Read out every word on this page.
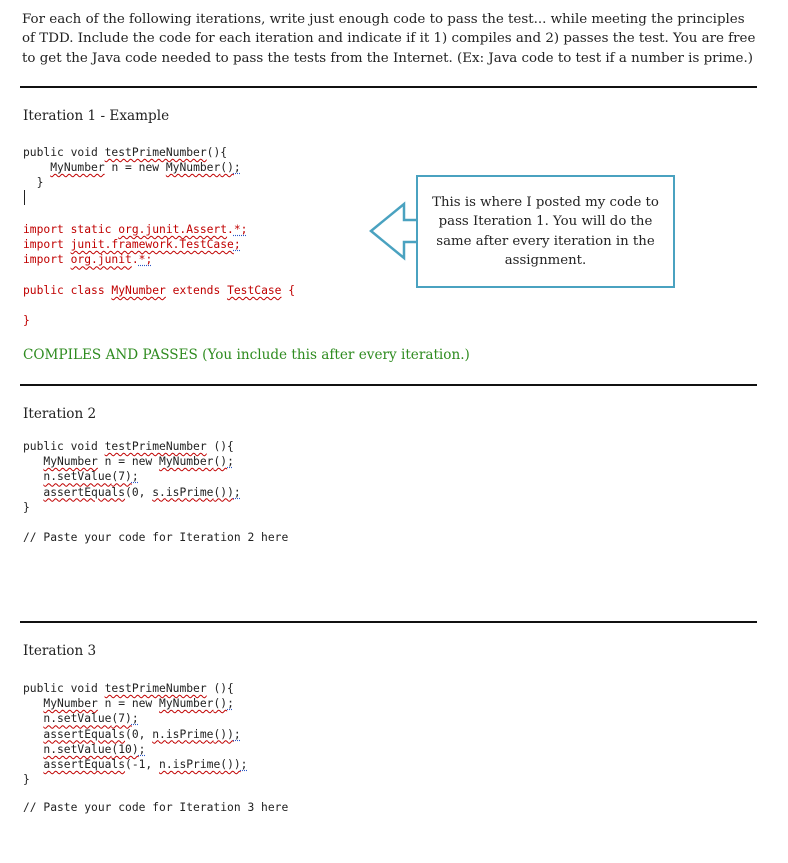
For each of the following iterations, write just enough code to pass the test... while meeting the principles of TDD. Include the code for each iteration and indicate if it 1) compiles and 2) passes the test. You are free to get the Java code needed to pass the tests from the Internet. (Ex: Java code to test if a number is prime.)

Iteration 1 - Example
public void testPrimeNumber(){
MyNumber n = new MyNumber();
}
import static org.junit.Assert.*;
import junit.framework.TestCase;
import org.junit.*;
public class MyNumber extends TestCase {

}

COMPILES AND PASSES (You include this after every iteration.)

This is where I posted my code to pass Iteration 1. You will do the same after every iteration in the assignment.
Iteration 2
public void testPrimeNumber (){
MyNumber n = new MyNumber();
n.setValue(7);
assertEquals(0, s.isPrime());
}
// Paste your code for Iteration 2 here
Iteration 3
public void testPrimeNumber (){
MyNumber n = new MyNumber();
n.setValue(7);
assertEquals(0, n.isPrime());
n.setValue(10);
assertEquals(-1, n.isPrime());
}
// Paste your code for Iteration 3 here
